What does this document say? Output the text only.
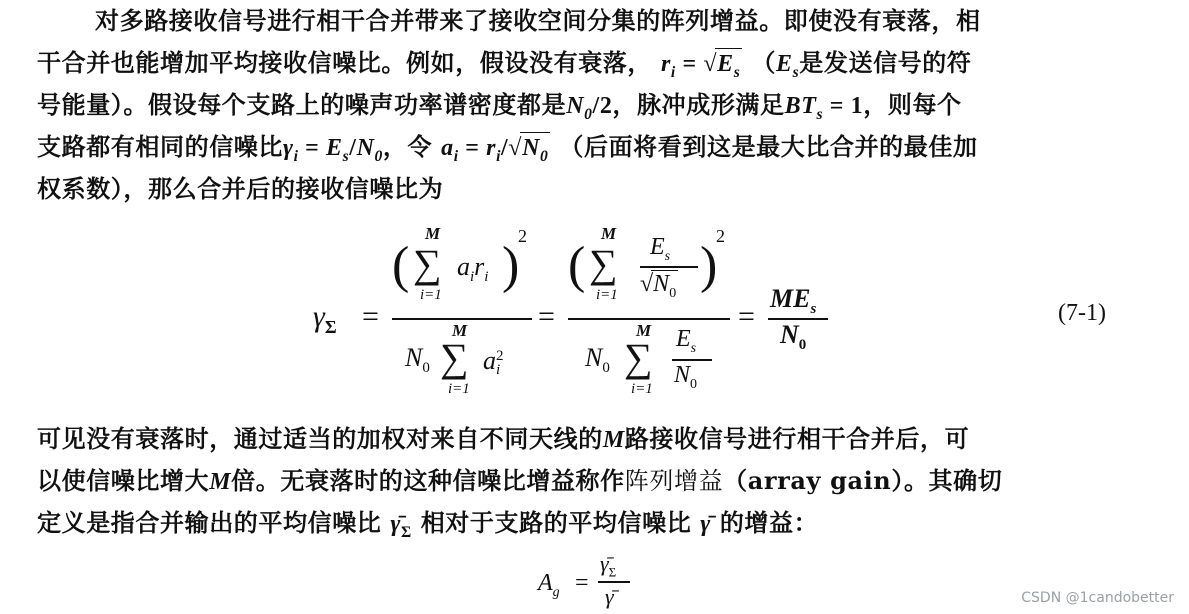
对多路接收信号进行相干合并带来了接收空间分集的阵列增益。即使没有衰落，相
干合并也能增加平均接收信噪比。例如，假设没有衰落， $r_i = √E_s$ （$E_s$是发送信号的符
号能量）。假设每个支路上的噪声功率谱密度都是$N_0/2$，脉冲成形满足$BT_s = 1$，则每个
支路都有相同的信噪比$\gamma_i = E_s/N_0$，令 $a_i = r_i/√N_0$ （后面将看到这是最大比合并的最佳加
权系数），那么合并后的接收信噪比为
$\gamma_\Sigma$ =
(
M
∑
i=1
$a_ir_i$ )
2
$N_0$
M
∑
i=1
a 2
i
=
(
M
∑
i=1
$E_s$
$√N_0$ )
2
$N_0$
M
∑
i=1
$E_s$
$N_0$
=
$ME_s$
$N_0$
(7-1)
可见没有衰落时，通过适当的加权对来自不同天线的M路接收信号进行相干合并后，可
以使信噪比增大M倍。无衰落时的这种信噪比增益称作阵列增益（array gain）。其确切
定义是指合并输出的平均信噪比 $\gammā_\Sigma$ 相对于支路的平均信噪比 γ̄ 的增益：
$A_g$ =
$\gammā_\Sigma$
γ̄	CSDN @1candobetter
